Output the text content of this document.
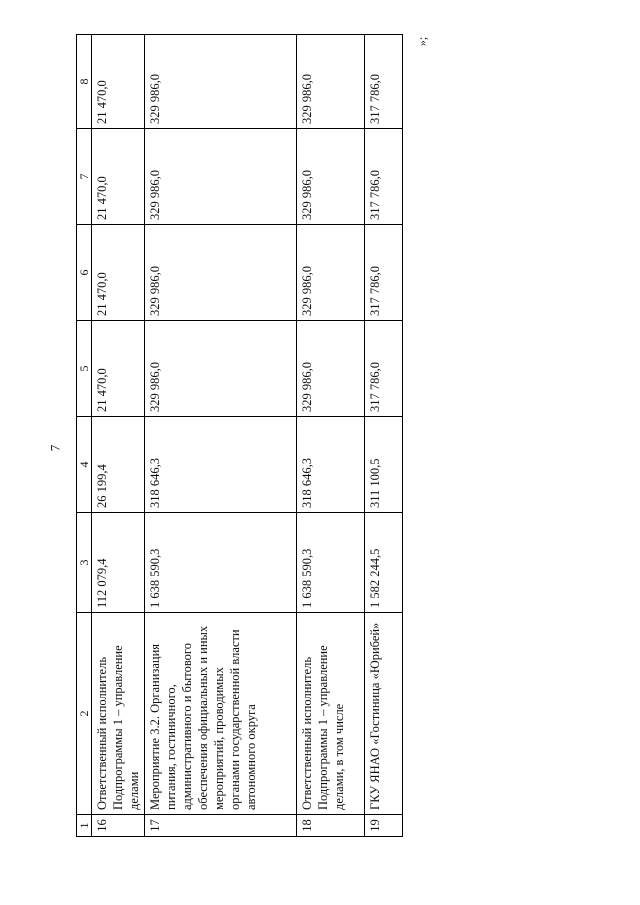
7
»;
1	2	3	4	5	6	7	8
16	Ответственный исполнитель Подпрограммы 1 – управление делами	112 079,4	26 199,4	21 470,0	21 470,0	21 470,0	21 470,0
17	Мероприятие 3.2. Организация питания, гостиничного, административного и бытового обеспечения официальных и иных мероприятий, проводимых органами государственной власти автономного округа	1 638 590,3	318 646,3	329 986,0	329 986,0	329 986,0	329 986,0
18	Ответственный исполнитель Подпрограммы 1 – управление делами, в том числе	1 638 590,3	318 646,3	329 986,0	329 986,0	329 986,0	329 986,0
19	ГКУ ЯНАО «Гостиница «Юрибей»	1 582 244,5	311 100,5	317 786,0	317 786,0	317 786,0	317 786,0
